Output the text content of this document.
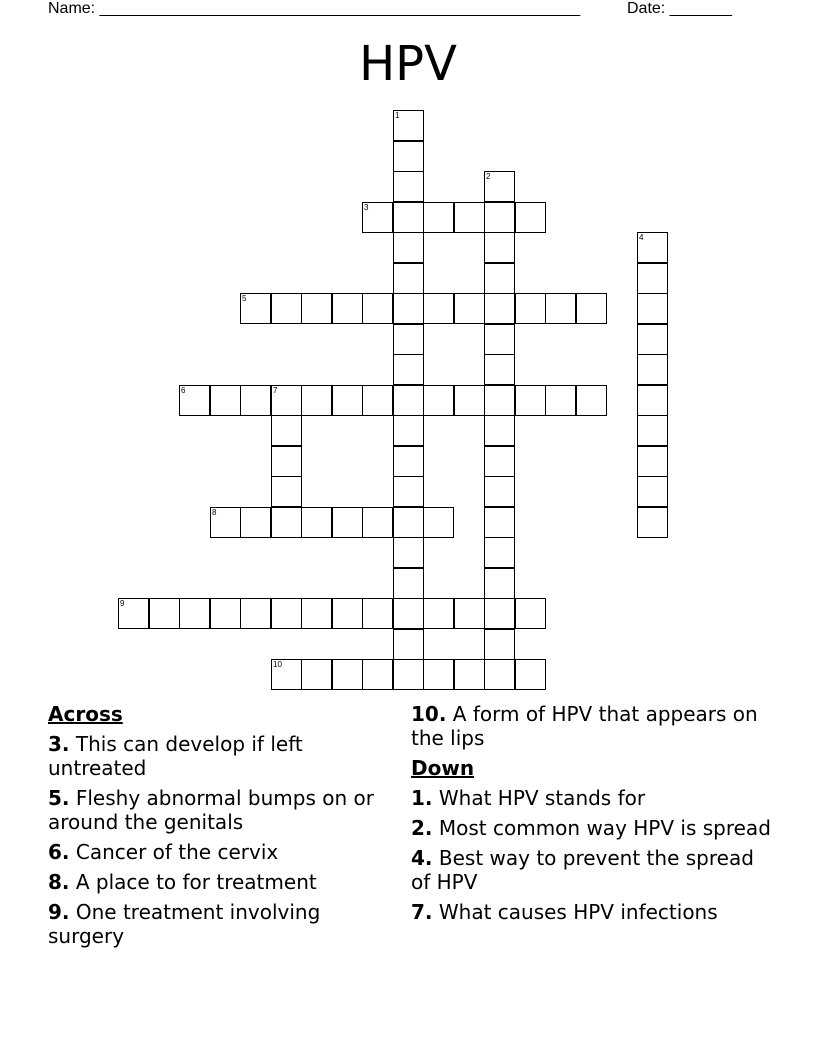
Name: ______________________________________________________	Date: _______
HPV
1
2
3
4
5
6	7
8
9
10
Across
3. This can develop if left untreated
5. Fleshy abnormal bumps on or around the genitals
6. Cancer of the cervix
8. A place to for treatment
9. One treatment involving surgery
10. A form of HPV that appears on the lips
Down
1. What HPV stands for
2. Most common way HPV is spread
4. Best way to prevent the spread of HPV
7. What causes HPV infections
